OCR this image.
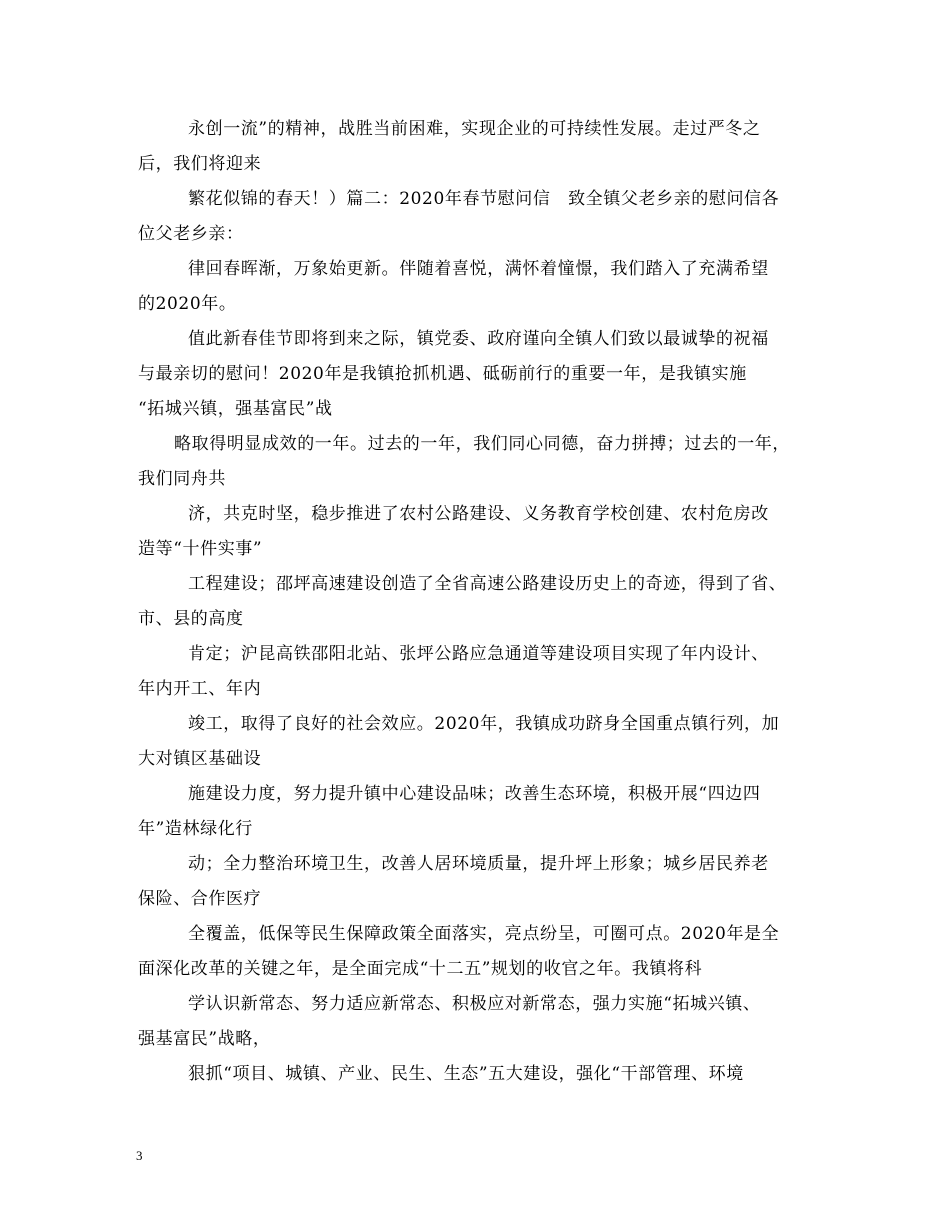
永创一流”的精神，战胜当前困难，实现企业的可持续性发展。走过严冬之
后，我们将迎来

繁花似锦的春天！）篇二：2020年春节慰问信　致全镇父老乡亲的慰问信各
位父老乡亲：

律回春晖渐，万象始更新。伴随着喜悦，满怀着憧憬，我们踏入了充满希望
的2020年。

值此新春佳节即将到来之际，镇党委、政府谨向全镇人们致以最诚挚的祝福
与最亲切的慰问！2020年是我镇抢抓机遇、砥砺前行的重要一年，是我镇实施
“拓城兴镇，强基富民”战

略取得明显成效的一年。过去的一年，我们同心同德，奋力拼搏；过去的一年，
我们同舟共

济，共克时坚，稳步推进了农村公路建设、义务教育学校创建、农村危房改
造等“十件实事”

工程建设；邵坪高速建设创造了全省高速公路建设历史上的奇迹，得到了省、
市、县的高度

肯定；沪昆高铁邵阳北站、张坪公路应急通道等建设项目实现了年内设计、
年内开工、年内

竣工，取得了良好的社会效应。2020年，我镇成功跻身全国重点镇行列，加
大对镇区基础设

施建设力度，努力提升镇中心建设品味；改善生态环境，积极开展“四边四
年”造林绿化行

动；全力整治环境卫生，改善人居环境质量，提升坪上形象；城乡居民养老
保险、合作医疗

全覆盖，低保等民生保障政策全面落实，亮点纷呈，可圈可点。2020年是全
面深化改革的关键之年，是全面完成“十二五”规划的收官之年。我镇将科

学认识新常态、努力适应新常态、积极应对新常态，强力实施“拓城兴镇、
强基富民”战略，

狠抓“项目、城镇、产业、民生、生态”五大建设，强化“干部管理、环境

3
